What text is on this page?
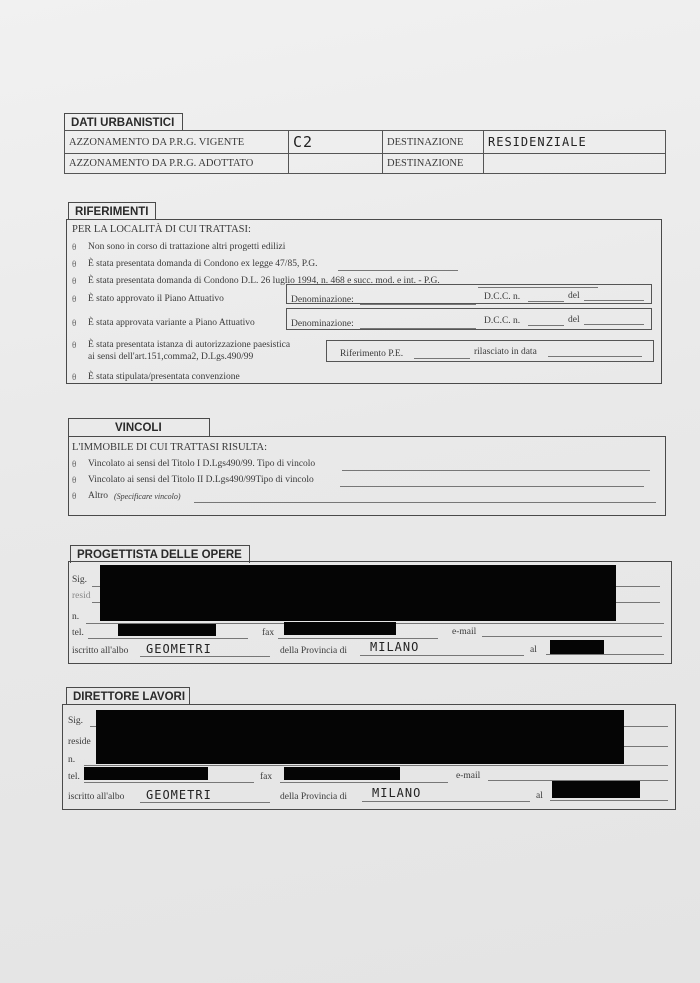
DATI URBANISTICI
AZZONAMENTO DA P.R.G. VIGENTE	C2	DESTINAZIONE	RESIDENZIALE
AZZONAMENTO DA P.R.G. ADOTTATO		DESTINAZIONE	
RIFERIMENTI
PER LA LOCALITÀ DI CUI TRATTASI:
θ Non sono in corso di trattazione altri progetti edilizi
θ È stata presentata domanda di Condono ex legge 47/85, P.G.
θ È stata presentata domanda di Condono D.L. 26 luglio 1994, n. 468 e succ. mod. e int. - P.G.
θ È stato approvato il Piano Attuativo	Denominazione:	D.C.C. n.	del
θ È stata approvata variante a Piano Attuativo	Denominazione:	D.C.C. n.	del
θ È stata presentata istanza di autorizzazione paesistica
ai sensi dell'art.151,comma2, D.Lgs.490/99	Riferimento P.E.	rilasciato in data
θ È stata stipulata/presentata convenzione
VINCOLI
L'IMMOBILE DI CUI TRATTASI RISULTA:
θ Vincolato ai sensi del Titolo I D.Lgs490/99. Tipo di vincolo
θ Vincolato ai sensi del Titolo II D.Lgs490/99Tipo di vincolo
θ Altro (Specificare vincolo)
PROGETTISTA DELLE OPERE
Sig.
resid
n.
tel.	fax	e-mail
iscritto all'albo GEOMETRI	della Provincia di MILANO	al
DIRETTORE LAVORI
Sig.
reside
n.
tel.	fax	e-mail
iscritto all'albo GEOMETRI	della Provincia di MILANO	al
